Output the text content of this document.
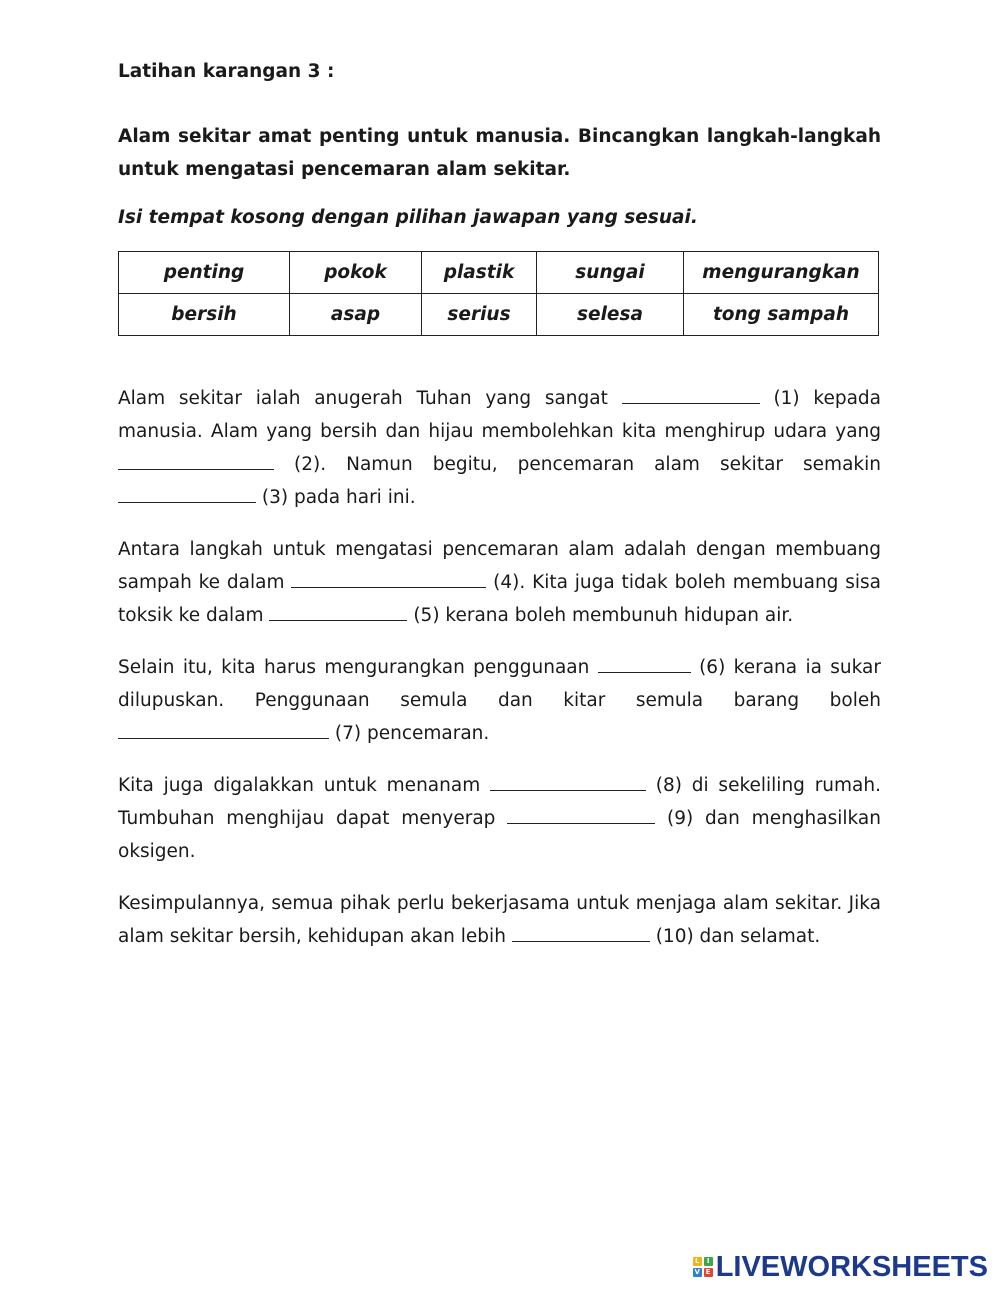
Latihan karangan 3 :

Alam sekitar amat penting untuk manusia. Bincangkan langkah-langkah untuk mengatasi pencemaran alam sekitar.

Isi tempat kosong dengan pilihan jawapan yang sesuai.

penting	pokok	plastik	sungai	mengurangkan
bersih	asap	serius	selesa	tong sampah

Alam sekitar ialah anugerah Tuhan yang sangat	(1) kepada manusia. Alam yang bersih dan hijau membolehkan kita menghirup udara yang  (2). Namun begitu, pencemaran alam sekitar semakin  (3) pada hari ini.

Antara langkah untuk mengatasi pencemaran alam adalah dengan membuang sampah ke dalam	(4). Kita juga tidak boleh membuang sisa toksik ke dalam	(5) kerana boleh membunuh hidupan air.

Selain itu, kita harus mengurangkan penggunaan	(6) kerana ia sukar dilupuskan. Penggunaan semula dan kitar semula barang boleh  (7) pencemaran.

Kita juga digalakkan untuk menanam	(8) di sekeliling rumah. Tumbuhan menghijau dapat menyerap	(9) dan menghasilkan oksigen.

Kesimpulannya, semua pihak perlu bekerjasama untuk menjaga alam sekitar. Jika alam sekitar bersih, kehidupan akan lebih	(10) dan selamat.

L	I
V E LIVEWORKSHEETS
